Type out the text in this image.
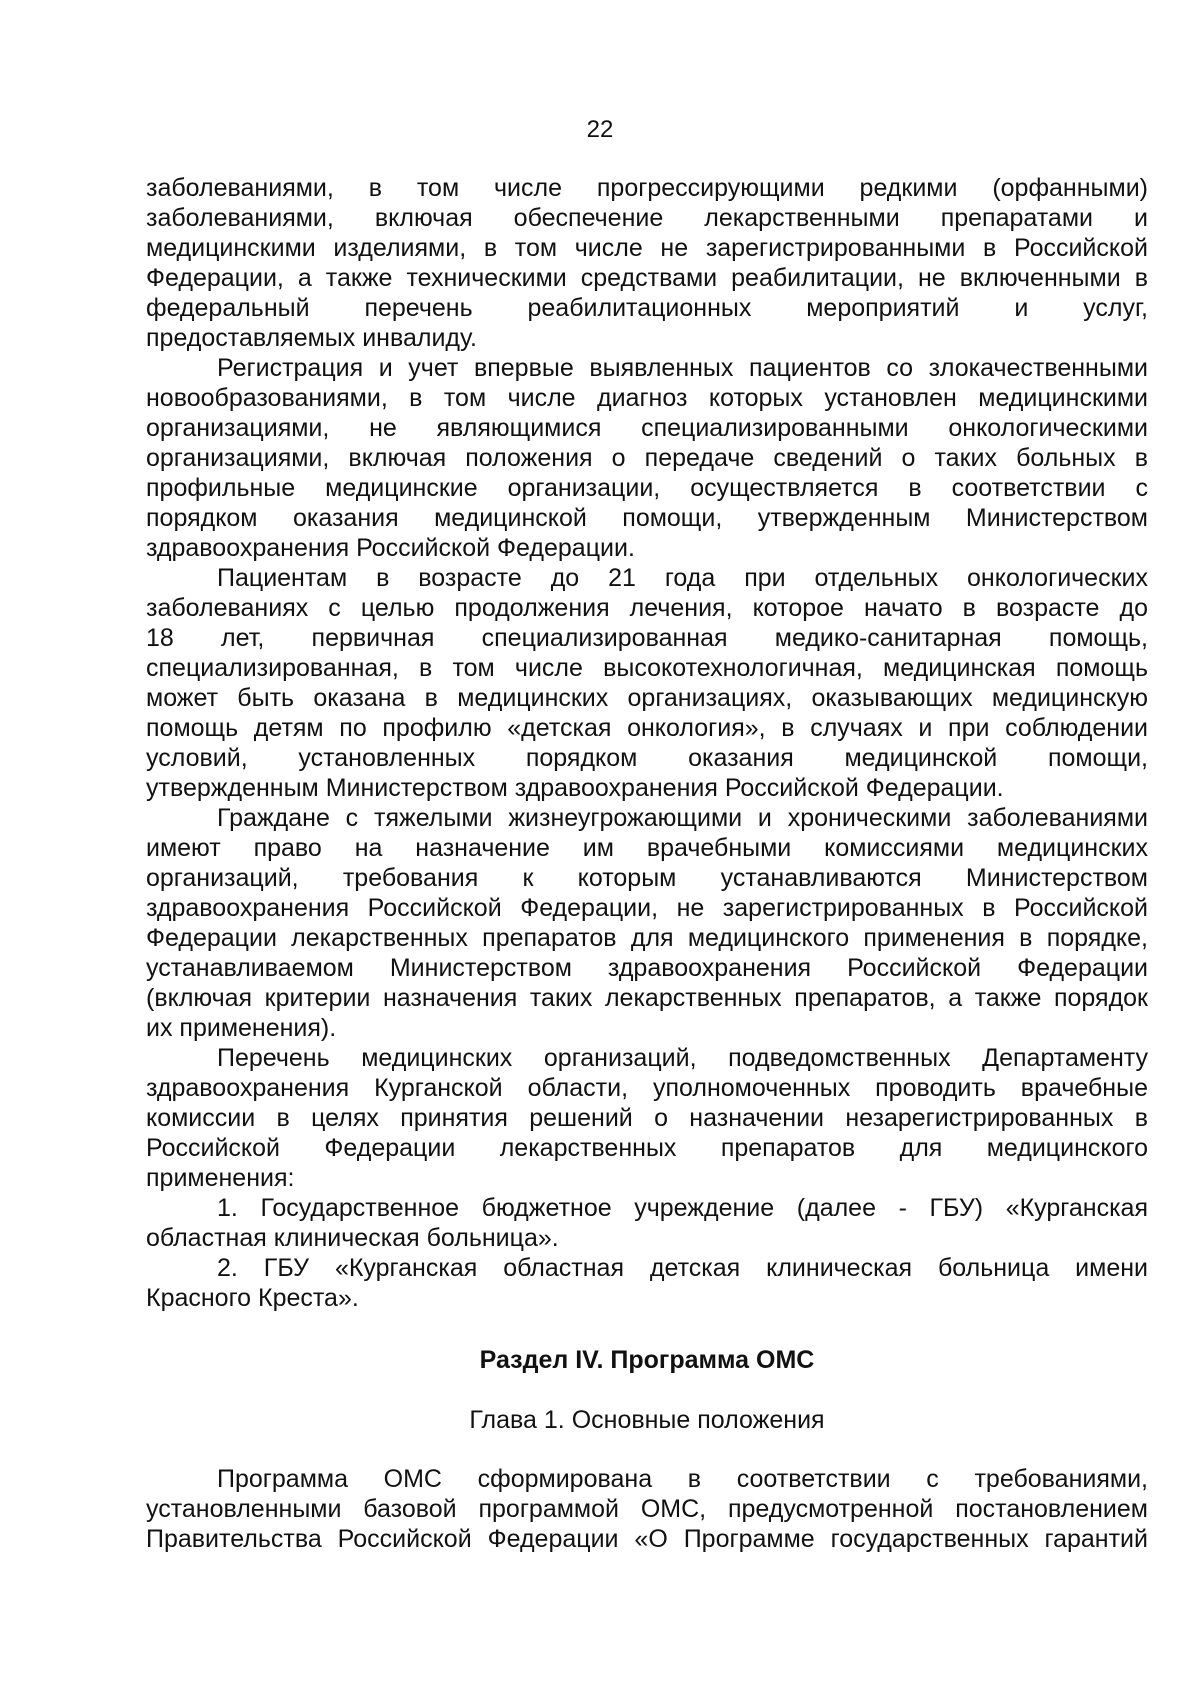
22
заболеваниями, в том числе прогрессирующими редкими (орфанными)
заболеваниями, включая обеспечение лекарственными препаратами и
медицинскими изделиями, в том числе не зарегистрированными в Российской
Федерации, а также техническими средствами реабилитации, не включенными в
федеральный перечень реабилитационных мероприятий и услуг,
предоставляемых инвалиду.
Регистрация и учет впервые выявленных пациентов со злокачественными
новообразованиями, в том числе диагноз которых установлен медицинскими
организациями, не являющимися специализированными онкологическими
организациями, включая положения о передаче сведений о таких больных в
профильные медицинские организации, осуществляется в соответствии с
порядком оказания медицинской помощи, утвержденным Министерством
здравоохранения Российской Федерации.
Пациентам в возрасте до 21 года при отдельных онкологических
заболеваниях с целью продолжения лечения, которое начато в возрасте до
18 лет, первичная специализированная медико-санитарная помощь,
специализированная, в том числе высокотехнологичная, медицинская помощь
может быть оказана в медицинских организациях, оказывающих медицинскую
помощь детям по профилю «детская онкология», в случаях и при соблюдении
условий, установленных порядком оказания медицинской помощи,
утвержденным Министерством здравоохранения Российской Федерации.
Граждане с тяжелыми жизнеугрожающими и хроническими заболеваниями
имеют право на назначение им врачебными комиссиями медицинских
организаций, требования к которым устанавливаются Министерством
здравоохранения Российской Федерации, не зарегистрированных в Российской
Федерации лекарственных препаратов для медицинского применения в порядке,
устанавливаемом Министерством здравоохранения Российской Федерации
(включая критерии назначения таких лекарственных препаратов, а также порядок
их применения).
Перечень медицинских организаций, подведомственных Департаменту
здравоохранения Курганской области, уполномоченных проводить врачебные
комиссии в целях принятия решений о назначении незарегистрированных в
Российской Федерации лекарственных препаратов для медицинского
применения:
1. Государственное бюджетное учреждение (далее - ГБУ) «Курганская
областная клиническая больница».
2. ГБУ «Курганская областная детская клиническая больница имени
Красного Креста».
Раздел IV. Программа ОМС
Глава 1. Основные положения
Программа ОМС сформирована в соответствии с требованиями,
установленными базовой программой ОМС, предусмотренной постановлением
Правительства Российской Федерации «О Программе государственных гарантий
